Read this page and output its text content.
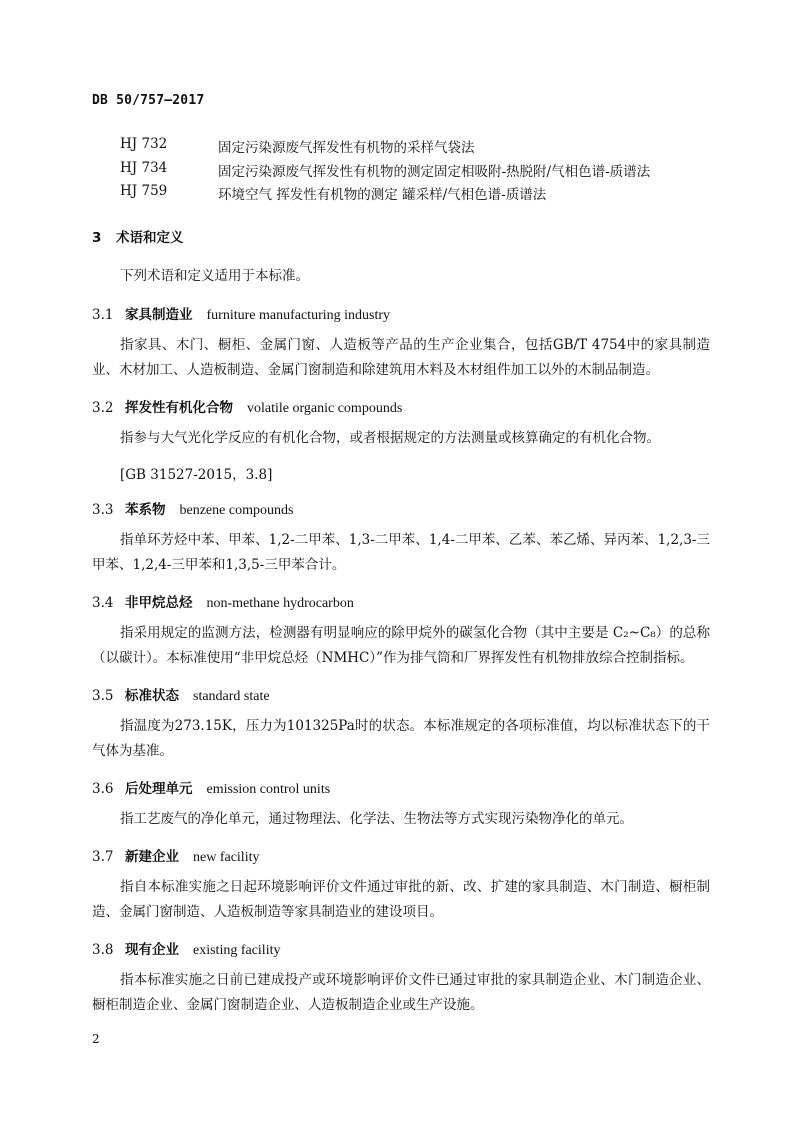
DB 50/757—2017
HJ 732	固定污染源废气挥发性有机物的采样气袋法
HJ 734	固定污染源废气挥发性有机物的测定固定相吸附-热脱附/气相色谱-质谱法
HJ 759	环境空气 挥发性有机物的测定 罐采样/气相色谱-质谱法
3 术语和定义

下列术语和定义适用于本标准。

3.1 家具制造业 furniture manufacturing industry

指家具、木门、橱柜、金属门窗、人造板等产品的生产企业集合，包括GB/T 4754中的家具制造业、木材加工、人造板制造、金属门窗制造和除建筑用木料及木材组件加工以外的木制品制造。

3.2 挥发性有机化合物 volatile organic compounds

指参与大气光化学反应的有机化合物，或者根据规定的方法测量或核算确定的有机化合物。

[GB 31527-2015，3.8]
3.3 苯系物 benzene compounds

指单环芳烃中苯、甲苯、1,2-二甲苯、1,3-二甲苯、1,4-二甲苯、乙苯、苯乙烯、异丙苯、1,2,3-三甲苯、1,2,4-三甲苯和1,3,5-三甲苯合计。

3.4 非甲烷总烃 non-methane hydrocarbon

指采用规定的监测方法，检测器有明显响应的除甲烷外的碳氢化合物（其中主要是 C₂~C₈）的总称（以碳计）。本标准使用“非甲烷总烃（NMHC）”作为排气筒和厂界挥发性有机物排放综合控制指标。

3.5 标准状态 standard state

指温度为273.15K，压力为101325Pa时的状态。本标准规定的各项标准值，均以标准状态下的干气体为基准。

3.6 后处理单元 emission control units

指工艺废气的净化单元，通过物理法、化学法、生物法等方式实现污染物净化的单元。

3.7 新建企业 new facility

指自本标准实施之日起环境影响评价文件通过审批的新、改、扩建的家具制造、木门制造、橱柜制造、金属门窗制造、人造板制造等家具制造业的建设项目。

3.8 现有企业 existing facility

指本标准实施之日前已建成投产或环境影响评价文件已通过审批的家具制造企业、木门制造企业、橱柜制造企业、金属门窗制造企业、人造板制造企业或生产设施。

2
